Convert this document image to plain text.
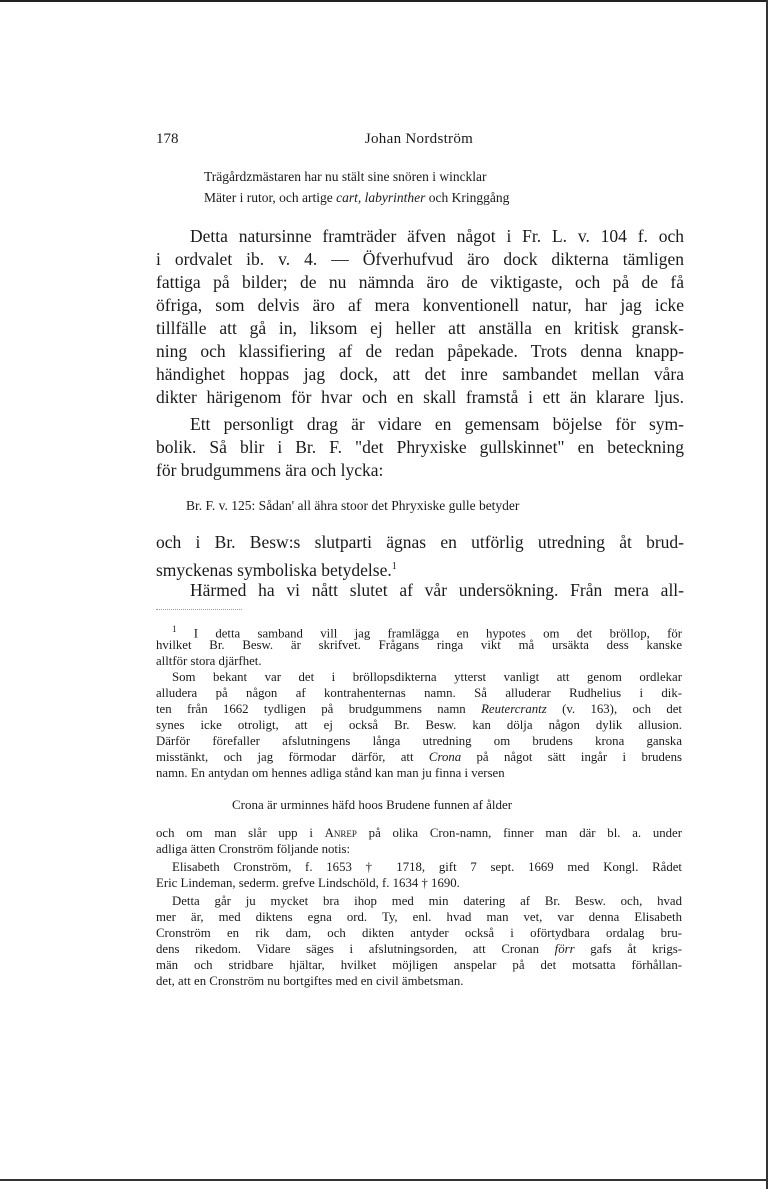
178	Johan Nordström
Trägårdzmästaren har nu stält sine snören i wincklar
Mäter i rutor, och artige cart, labyrinther och Kringgång
Detta natursinne framträder äfven något i Fr. L. v. 104 f. och
i ordvalet ib. v. 4. — Öfverhufvud äro dock dikterna tämligen
fattiga på bilder; de nu nämnda äro de viktigaste, och på de få
öfriga, som delvis äro af mera konventionell natur, har jag icke
tillfälle att gå in, liksom ej heller att anställa en kritisk gransk-
ning och klassifiering af de redan påpekade. Trots denna knapp-
händighet hoppas jag dock, att det inre sambandet mellan våra
dikter härigenom för hvar och en skall framstå i ett än klarare ljus.
Ett personligt drag är vidare en gemensam böjelse för sym-
bolik. Så blir i Br. F. "det Phryxiske gullskinnet" en beteckning
för brudgummens ära och lycka:
Br. F. v. 125: Sådan' all ähra stoor det Phryxiske gulle betyder
och i Br. Besw:s slutparti ägnas en utförlig utredning åt brud-
smyckenas symboliska betydelse.$^1$
Härmed ha vi nått slutet af vår undersökning. Från mera all-
$^1$ I detta samband vill jag framlägga en hypotes om det bröllop, för
hvilket Br. Besw. är skrifvet. Frågans ringa vikt må ursäkta dess kanske
alltför stora djärfhet.
Som bekant var det i bröllopsdikterna ytterst vanligt att genom ordlekar
alludera på någon af kontrahenternas namn. Så alluderar Rudhelius i dik-
ten från 1662 tydligen på brudgummens namn Reutercrantz (v. 163), och det
synes icke otroligt, att ej också Br. Besw. kan dölja någon dylik allusion.
Därför förefaller afslutningens långa utredning om brudens krona ganska
misstänkt, och jag förmodar därför, att Crona på något sätt ingår i brudens
namn. En antydan om hennes adliga stånd kan man ju finna i versen
Crona är urminnes häfd hoos Brudene funnen af ålder
och om man slår upp i Anrep på olika Cron-namn, finner man där bl. a. under
adliga ätten Cronström följande notis:
Elisabeth Cronström, f. 1653 † 1718, gift 7 sept. 1669 med Kongl. Rådet
Eric Lindeman, sederm. grefve Lindschöld, f. 1634 † 1690.
Detta går ju mycket bra ihop med min datering af Br. Besw. och, hvad
mer är, med diktens egna ord. Ty, enl. hvad man vet, var denna Elisabeth
Cronström en rik dam, och dikten antyder också i oförtydbara ordalag bru-
dens rikedom. Vidare säges i afslutningsorden, att Cronan förr gafs åt krigs-
män och stridbare hjältar, hvilket möjligen anspelar på det motsatta förhållan-
det, att en Cronström nu bortgiftes med en civil ämbetsman.
